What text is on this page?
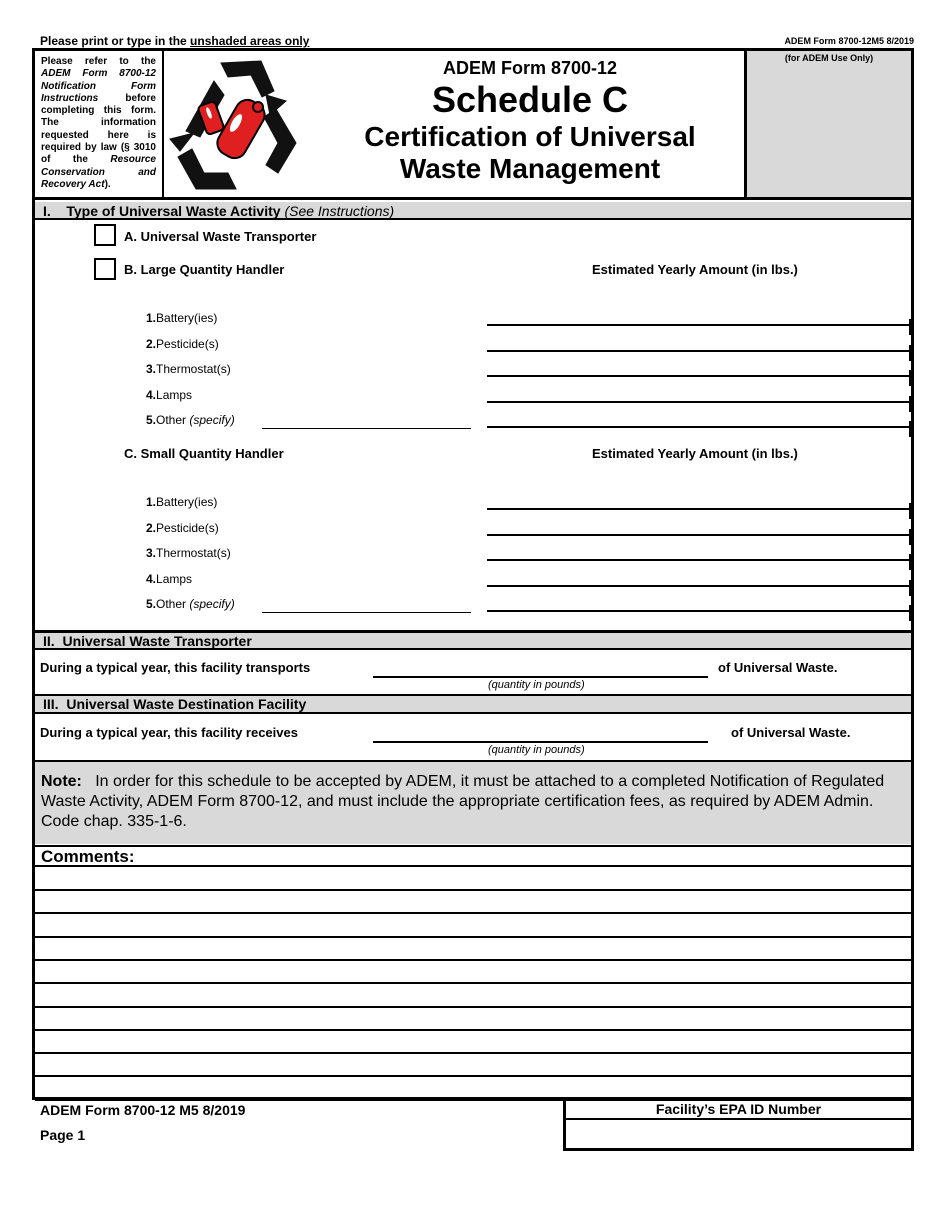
Please print or type in the unshaded areas only	ADEM Form 8700-12M5 8/2019
Please refer to the ADEM Form 8700-12 Notification Form Instructions before completing this form. The information requested here is required by law (§ 3010 of the Resource Conservation and Recovery Act).
ADEM Form 8700-12
Schedule C
Certification of Universal
Waste Management
(for ADEM Use Only)
I. Type of Universal Waste Activity (See Instructions)
A. Universal Waste Transporter
B. Large Quantity Handler	Estimated Yearly Amount (in lbs.)
1.Battery(ies)
2.Pesticide(s)
3.Thermostat(s)
4.Lamps
5.Other (specify)
C. Small Quantity Handler	Estimated Yearly Amount (in lbs.)
1.Battery(ies)
2.Pesticide(s)
3.Thermostat(s)
4.Lamps
5.Other (specify)
II. Universal Waste Transporter
During a typical year, this facility transports
(quantity in pounds)
of Universal Waste.
III. Universal Waste Destination Facility
During a typical year, this facility receives
(quantity in pounds)
of Universal Waste.
Note: In order for this schedule to be accepted by ADEM, it must be attached to a completed Notification of Regulated Waste Activity, ADEM Form 8700-12, and must include the appropriate certification fees, as required by ADEM Admin. Code chap. 335-1-6.
Comments:
ADEM Form 8700-12 M5 8/2019
Page 1
Facility’s EPA ID Number
